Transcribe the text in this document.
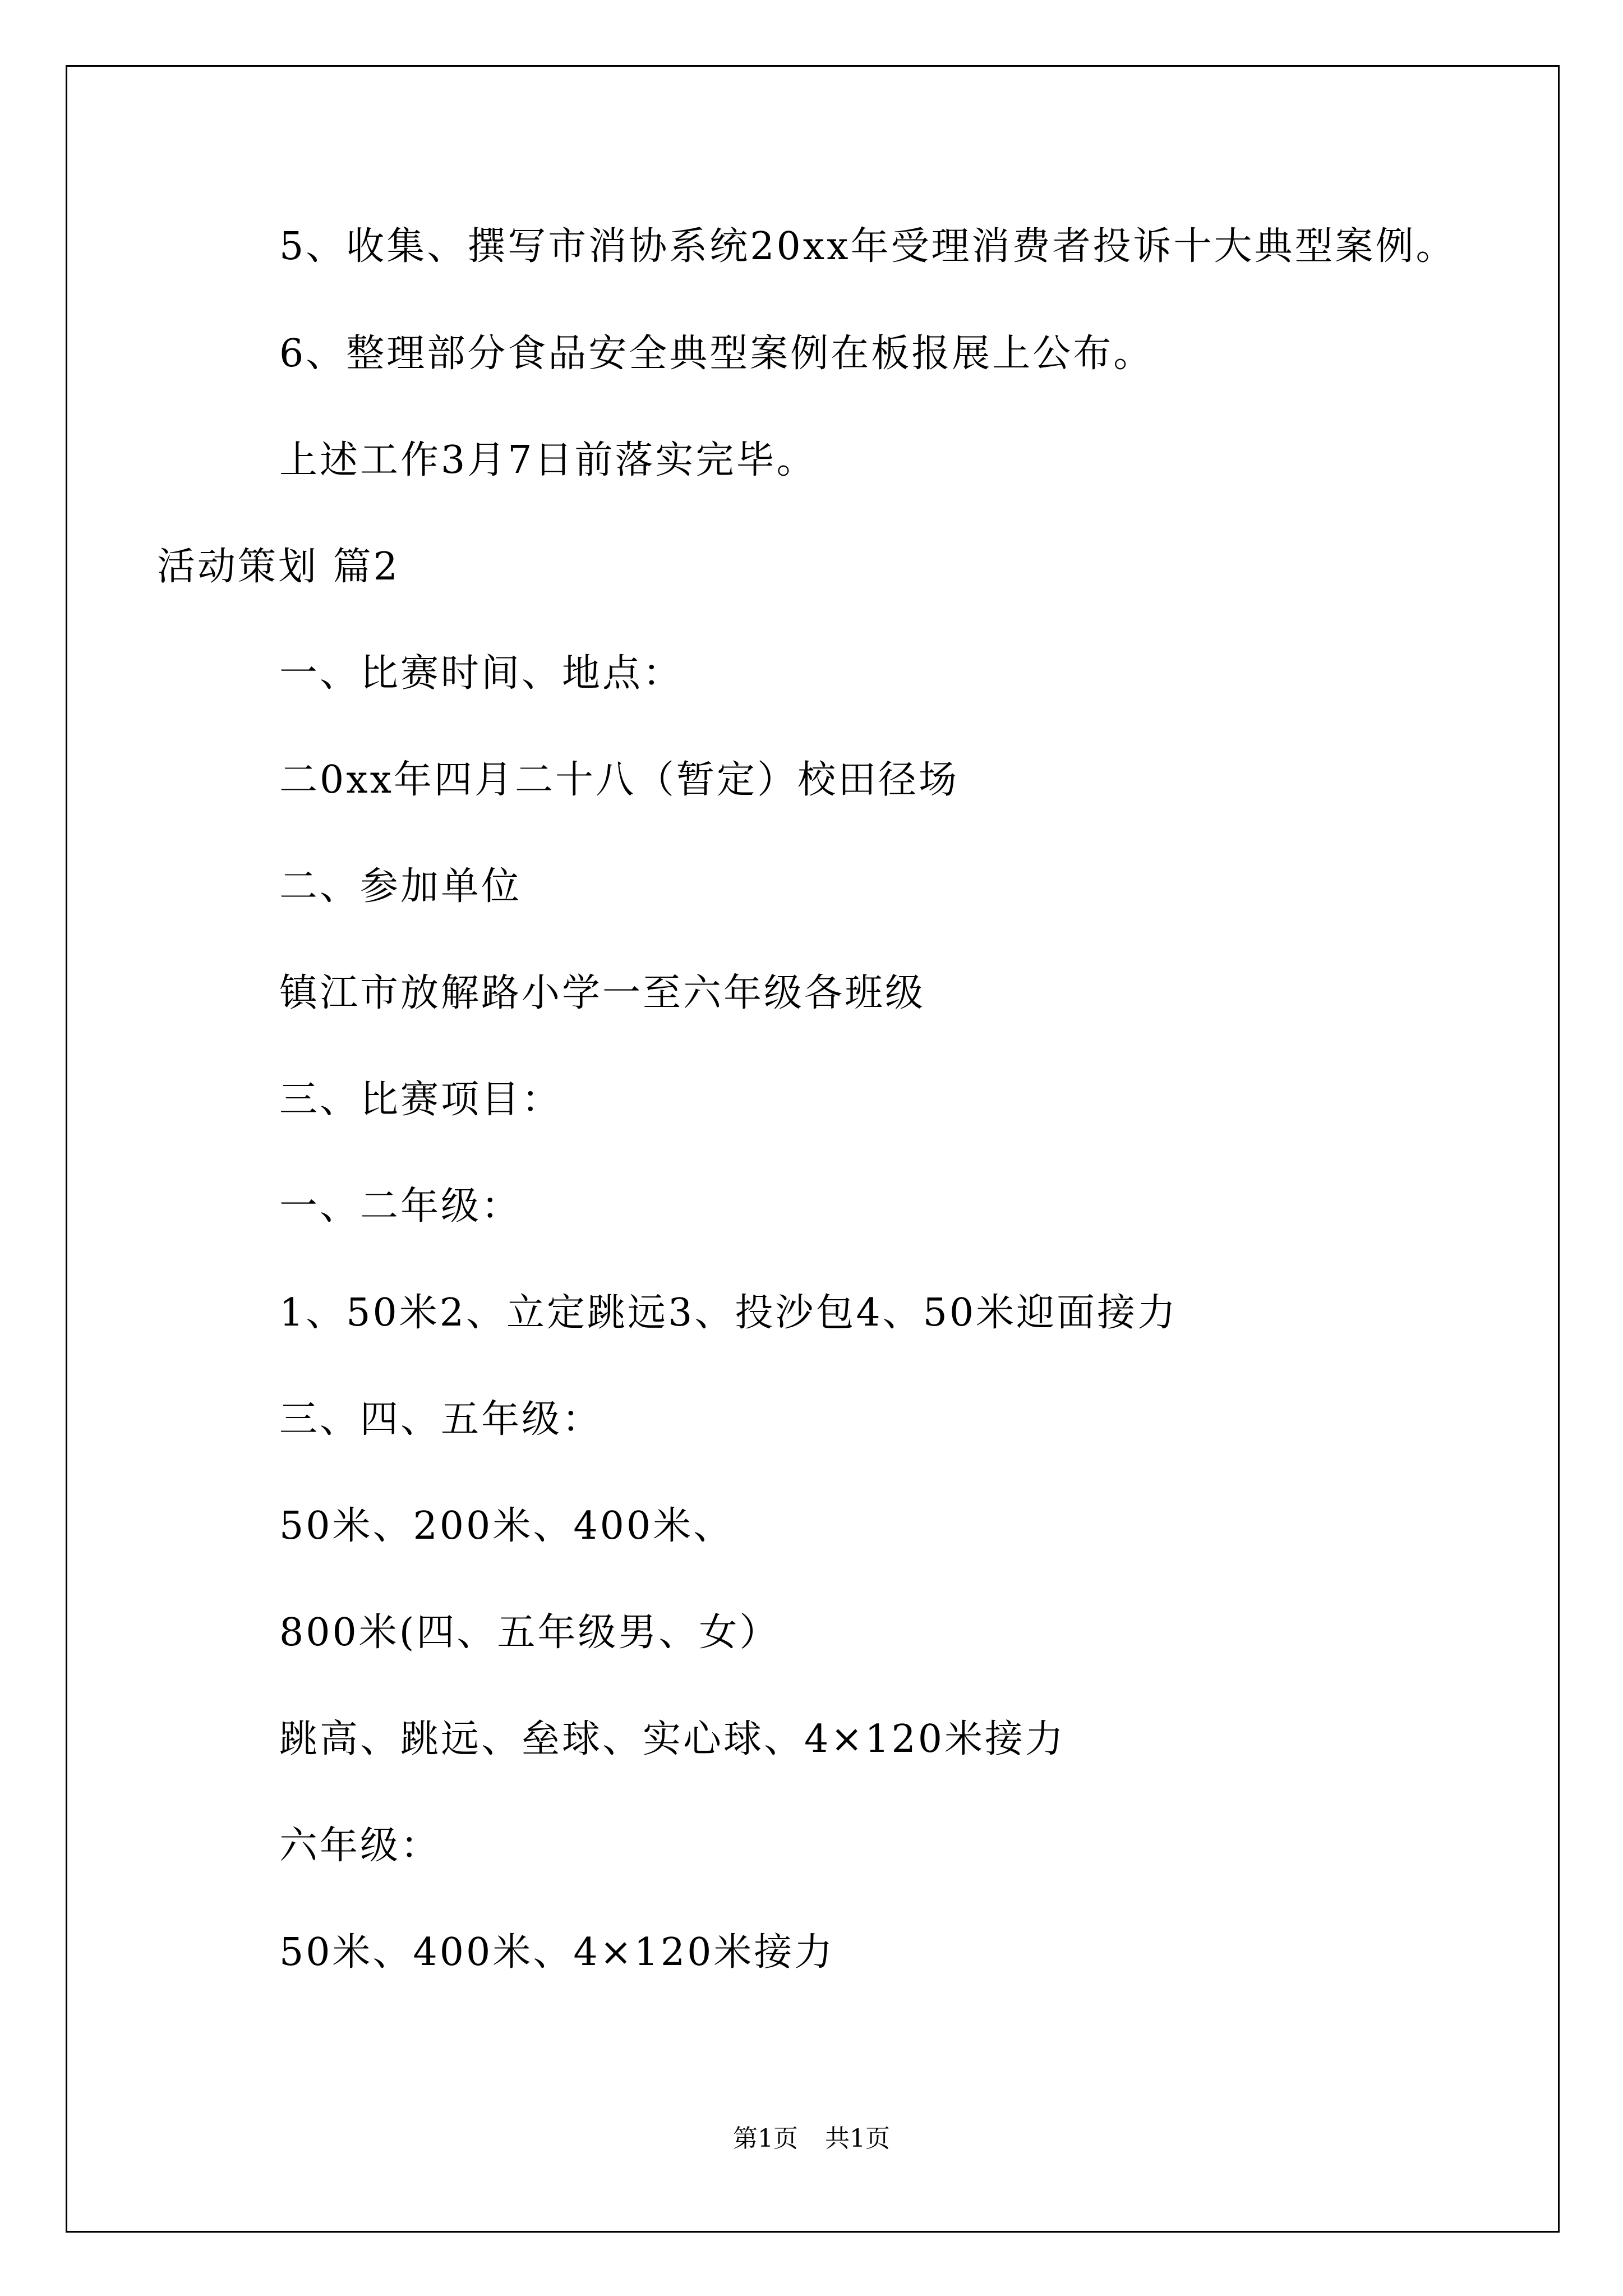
5、收集、撰写市消协系统20xx年受理消费者投诉十大典型案例。
6、整理部分食品安全典型案例在板报展上公布。
上述工作3月7日前落实完毕。
活动策划 篇2
一、比赛时间、地点：
二0xx年四月二十八（暂定）校田径场
二、参加单位
镇江市放解路小学一至六年级各班级
三、比赛项目：
一、二年级：
1、50米2、立定跳远3、投沙包4、50米迎面接力
三、四、五年级：
50米、200米、400米、
800米(四、五年级男、女）
跳高、跳远、垒球、实心球、4×120米接力
六年级：
50米、400米、4×120米接力
第1页 共1页
